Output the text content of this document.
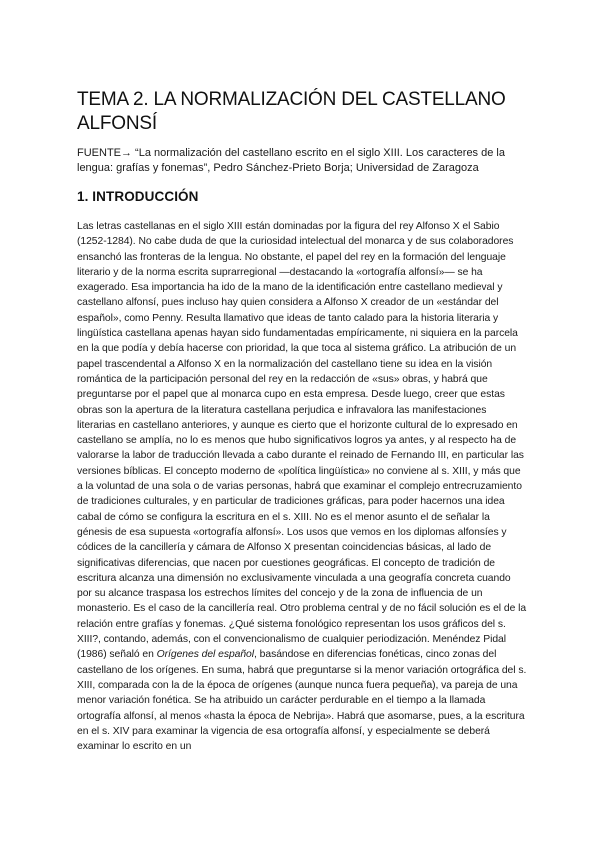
TEMA 2. LA NORMALIZACIÓN DEL CASTELLANO ALFONSÍ

FUENTE→ “La normalización del castellano escrito en el siglo XIII. Los caracteres de la lengua: grafías y fonemas”, Pedro Sánchez-Prieto Borja; Universidad de Zaragoza

1. INTRODUCCIÓN

Las letras castellanas en el siglo XIII están dominadas por la figura del rey Alfonso X el Sabio (1252-1284). No cabe duda de que la curiosidad intelectual del monarca y de sus colaboradores ensanchó las fronteras de la lengua. No obstante, el papel del rey en la formación del lenguaje literario y de la norma escrita suprarregional —destacando la «ortografía alfonsí»— se ha exagerado. Esa importancia ha ido de la mano de la identificación entre castellano medieval y castellano alfonsí, pues incluso hay quien considera a Alfonso X creador de un «estándar del español», como Penny. Resulta llamativo que ideas de tanto calado para la historia literaria y lingüística castellana apenas hayan sido fundamentadas empíricamente, ni siquiera en la parcela en la que podía y debía hacerse con prioridad, la que toca al sistema gráfico. La atribución de un papel trascendental a Alfonso X en la normalización del castellano tiene su idea en la visión romántica de la participación personal del rey en la redacción de «sus» obras, y habrá que preguntarse por el papel que al monarca cupo en esta empresa. Desde luego, creer que estas obras son la apertura de la literatura castellana perjudica e infravalora las manifestaciones literarias en castellano anteriores, y aunque es cierto que el horizonte cultural de lo expresado en castellano se amplía, no lo es menos que hubo significativos logros ya antes, y al respecto ha de valorarse la labor de traducción llevada a cabo durante el reinado de Fernando III, en particular las versiones bíblicas. El concepto moderno de «política lingüística» no conviene al s. XIII, y más que a la voluntad de una sola o de varias personas, habrá que examinar el complejo entrecruzamiento de tradiciones culturales, y en particular de tradiciones gráficas, para poder hacernos una idea cabal de cómo se configura la escritura en el s. XIII. No es el menor asunto el de señalar la génesis de esa supuesta «ortografía alfonsí». Los usos que vemos en los diplomas alfonsíes y códices de la cancillería y cámara de Alfonso X presentan coincidencias básicas, al lado de significativas diferencias, que nacen por cuestiones geográficas. El concepto de tradición de escritura alcanza una dimensión no exclusivamente vinculada a una geografía concreta cuando por su alcance traspasa los estrechos límites del concejo y de la zona de influencia de un monasterio. Es el caso de la cancillería real. Otro problema central y de no fácil solución es el de la relación entre grafías y fonemas. ¿Qué sistema fonológico representan los usos gráficos del s. XIII?, contando, además, con el convencionalismo de cualquier periodización. Menéndez Pidal (1986) señaló en Orígenes del español, basándose en diferencias fonéticas, cinco zonas del castellano de los orígenes. En suma, habrá que preguntarse si la menor variación ortográfica del s. XIII, comparada con la de la época de orígenes (aunque nunca fuera pequeña), va pareja de una menor variación fonética. Se ha atribuido un carácter perdurable en el tiempo a la llamada ortografía alfonsí, al menos «hasta la época de Nebrija». Habrá que asomarse, pues, a la escritura en el s. XIV para examinar la vigencia de esa ortografía alfonsí, y especialmente se deberá examinar lo escrito en un
